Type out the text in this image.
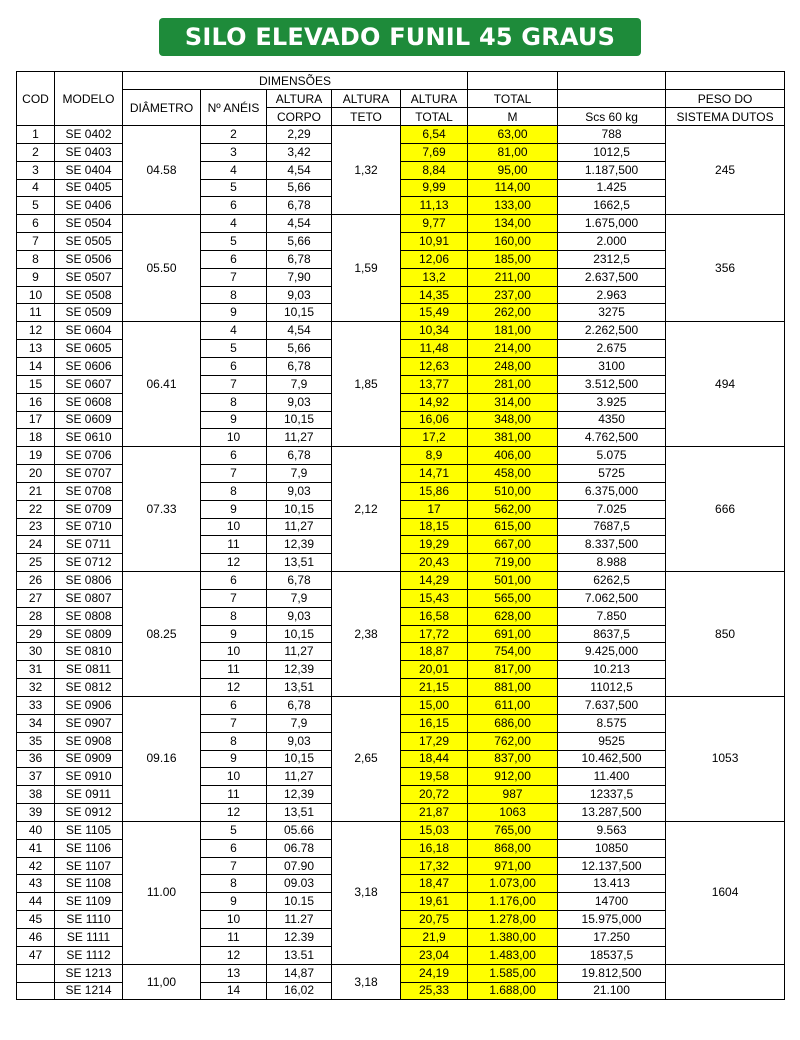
SILO ELEVADO FUNIL 45 GRAUS
COD	MODELO	DIMENSÕES							
		DIÂMETRO	Nº ANÉIS	ALTURA	ALTURA	ALTURA	TOTAL		PESO DO
				CORPO	TETO	TOTAL	M	Scs 60 kg	SISTEMA DUTOS
1	SE 0402	04.58	2	2,29	1,32	6,54	63,00	788	245
2	SE 0403		3	3,42		7,69	81,00	1012,5	
3	SE 0404		4	4,54		8,84	95,00	1.187,500	
4	SE 0405		5	5,66		9,99	114,00	1.425	
5	SE 0406		6	6,78		11,13	133,00	1662,5	
6	SE 0504	05.50	4	4,54	1,59	9,77	134,00	1.675,000	356
7	SE 0505		5	5,66		10,91	160,00	2.000	
8	SE 0506		6	6,78		12,06	185,00	2312,5	
9	SE 0507		7	7,90		13,2	211,00	2.637,500	
10	SE 0508		8	9,03		14,35	237,00	2.963	
11	SE 0509		9	10,15		15,49	262,00	3275	
12	SE 0604	06.41	4	4,54	1,85	10,34	181,00	2.262,500	494
13	SE 0605		5	5,66		11,48	214,00	2.675	
14	SE 0606		6	6,78		12,63	248,00	3100	
15	SE 0607		7	7,9		13,77	281,00	3.512,500	
16	SE 0608		8	9,03		14,92	314,00	3.925	
17	SE 0609		9	10,15		16,06	348,00	4350	
18	SE 0610		10	11,27		17,2	381,00	4.762,500	
19	SE 0706	07.33	6	6,78	2,12	8,9	406,00	5.075	666
20	SE 0707		7	7,9		14,71	458,00	5725	
21	SE 0708		8	9,03		15,86	510,00	6.375,000	
22	SE 0709		9	10,15		17	562,00	7.025	
23	SE 0710		10	11,27		18,15	615,00	7687,5	
24	SE 0711		11	12,39		19,29	667,00	8.337,500	
25	SE 0712		12	13,51		20,43	719,00	8.988	
26	SE 0806	08.25	6	6,78	2,38	14,29	501,00	6262,5	850
27	SE 0807		7	7,9		15,43	565,00	7.062,500	
28	SE 0808		8	9,03		16,58	628,00	7.850	
29	SE 0809		9	10,15		17,72	691,00	8637,5	
30	SE 0810		10	11,27		18,87	754,00	9.425,000	
31	SE 0811		11	12,39		20,01	817,00	10.213	
32	SE 0812		12	13,51		21,15	881,00	11012,5	
33	SE 0906	09.16	6	6,78	2,65	15,00	611,00	7.637,500	1053
34	SE 0907		7	7,9		16,15	686,00	8.575	
35	SE 0908		8	9,03		17,29	762,00	9525	
36	SE 0909		9	10,15		18,44	837,00	10.462,500	
37	SE 0910		10	11,27		19,58	912,00	11.400	
38	SE 0911		11	12,39		20,72	987	12337,5	
39	SE 0912		12	13,51		21,87	1063	13.287,500	
40	SE 1105	11.00	5	05.66	3,18	15,03	765,00	9.563	1604
41	SE 1106		6	06.78		16,18	868,00	10850	
42	SE 1107		7	07.90		17,32	971,00	12.137,500	
43	SE 1108		8	09.03		18,47	1.073,00	13.413	
44	SE 1109		9	10.15		19,61	1.176,00	14700	
45	SE 1110		10	11.27		20,75	1.278,00	15.975,000	
46	SE 1111		11	12.39		21,9	1.380,00	17.250	
47	SE 1112		12	13.51		23,04	1.483,00	18537,5	
	SE 1213	11,00	13	14,87	3,18	24,19	1.585,00	19.812,500	
	SE 1214		14	16,02		25,33	1.688,00	21.100	
